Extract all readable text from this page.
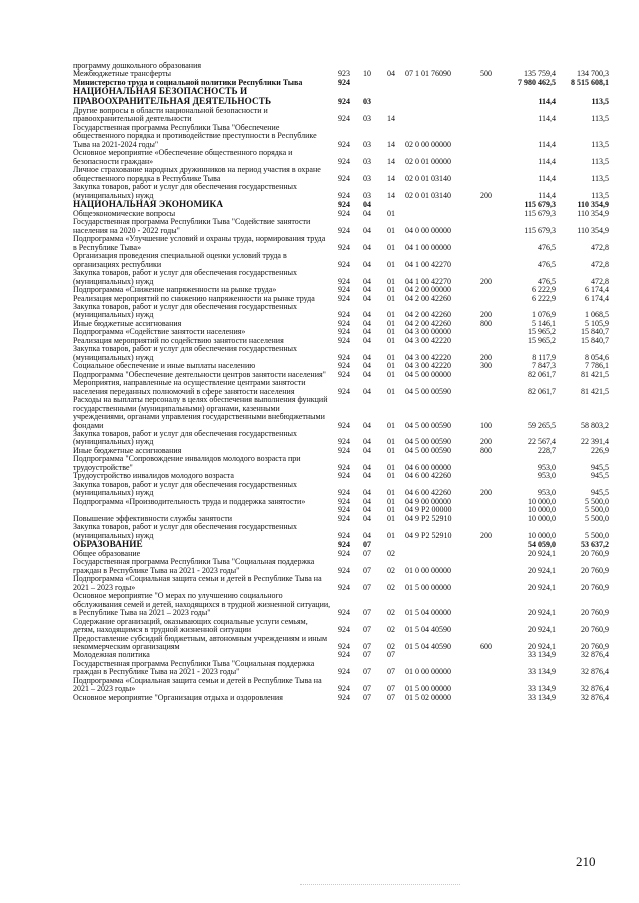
программу дошкольного образования							
Межбюджетные трансферты	923	10	04	07 1 01 76090	500	135 759,4	134 700,3
Министерство труда и социальной политики Республики Тыва	924					7 980 462,5	8 515 608,1
НАЦИОНАЛЬНАЯ БЕЗОПАСНОСТЬ И ПРАВООХРАНИТЕЛЬНАЯ ДЕЯТЕЛЬНОСТЬ	924	03				114,4	113,5
Другие вопросы в области национальной безопасности и правоохранительной деятельности	924	03	14			114,4	113,5
Государственная программа Республики Тыва "Обеспечение общественного порядка и противодействие преступности в Республике Тыва на 2021-2024 годы"	924	03	14	02 0 00 00000		114,4	113,5
Основное мероприятие «Обеспечение общественного порядка и безопасности граждан»	924	03	14	02 0 01 00000		114,4	113,5
Личное страхование народных дружинников на период участия в охране общественного порядка в Республике Тыва	924	03	14	02 0 01 03140		114,4	113,5
Закупка товаров, работ и услуг для обеспечения государственных (муниципальных) нужд	924	03	14	02 0 01 03140	200	114,4	113,5
НАЦИОНАЛЬНАЯ ЭКОНОМИКА	924	04				115 679,3	110 354,9
Общеэкономические вопросы	924	04	01			115 679,3	110 354,9
Государственная программа Республики Тыва "Содействие занятости населения на 2020 - 2022 годы"	924	04	01	04 0 00 00000		115 679,3	110 354,9
Подпрограмма «Улучшение условий и охраны труда, нормирования труда в Республике Тыва»	924	04	01	04 1 00 00000		476,5	472,8
Организация проведения специальной оценки условий труда в организациях республики	924	04	01	04 1 00 42270		476,5	472,8
Закупка товаров, работ и услуг для обеспечения государственных (муниципальных) нужд	924	04	01	04 1 00 42270	200	476,5	472,8
Подпрограмма «Снижение напряженности на рынке труда»	924	04	01	04 2 00 00000		6 222,9	6 174,4
Реализация мероприятий по снижению напряженности на рынке труда	924	04	01	04 2 00 42260		6 222,9	6 174,4
Закупка товаров, работ и услуг для обеспечения государственных (муниципальных) нужд	924	04	01	04 2 00 42260	200	1 076,9	1 068,5
Иные бюджетные ассигнования	924	04	01	04 2 00 42260	800	5 146,1	5 105,9
Подпрограмма «Содействие занятости населения»	924	04	01	04 3 00 00000		15 965,2	15 840,7
Реализация мероприятий по содействию занятости населения	924	04	01	04 3 00 42220		15 965,2	15 840,7
Закупка товаров, работ и услуг для обеспечения государственных (муниципальных) нужд	924	04	01	04 3 00 42220	200	8 117,9	8 054,6
Социальное обеспечение и иные выплаты населению	924	04	01	04 3 00 42220	300	7 847,3	7 786,1
Подпрограмма "Обеспечение деятельности центров занятости населения"	924	04	01	04 5 00 00000		82 061,7	81 421,5
Мероприятия, направленные на осуществление центрами занятости населения переданных полномочий в сфере занятости населения	924	04	01	04 5 00 00590		82 061,7	81 421,5
Расходы на выплаты персоналу в целях обеспечения выполнения функций государственными (муниципальными) органами, казенными учреждениями, органами управления государственными внебюджетными фондами	924	04	01	04 5 00 00590	100	59 265,5	58 803,2
Закупка товаров, работ и услуг для обеспечения государственных (муниципальных) нужд	924	04	01	04 5 00 00590	200	22 567,4	22 391,4
Иные бюджетные ассигнования	924	04	01	04 5 00 00590	800	228,7	226,9
Подпрограмма "Сопровождение инвалидов молодого возраста при трудоустройстве"	924	04	01	04 6 00 00000		953,0	945,5
Трудоустройство инвалидов молодого возраста	924	04	01	04 6 00 42260		953,0	945,5
Закупка товаров, работ и услуг для обеспечения государственных (муниципальных) нужд	924	04	01	04 6 00 42260	200	953,0	945,5
Подпрограмма «Производительность труда и поддержка занятости»	924	04	01	04 9 00 00000		10 000,0	5 500,0
	924	04	01	04 9 P2 00000		10 000,0	5 500,0
Повышение эффективности службы занятости	924	04	01	04 9 P2 52910		10 000,0	5 500,0
Закупка товаров, работ и услуг для обеспечения государственных (муниципальных) нужд	924	04	01	04 9 P2 52910	200	10 000,0	5 500,0
ОБРАЗОВАНИЕ	924	07				54 059,0	53 637,2
Общее образование	924	07	02			20 924,1	20 760,9
Государственная программа Республики Тыва "Социальная поддержка граждан в Республике Тыва на 2021 - 2023 годы"	924	07	02	01 0 00 00000		20 924,1	20 760,9
Подпрограмма «Социальная защита семьи и детей в Республике Тыва на 2021 – 2023 годы»	924	07	02	01 5 00 00000		20 924,1	20 760,9
Основное мероприятие "О мерах по улучшению социального обслуживания семей и детей, находящихся в трудной жизненной ситуации, в Республике Тыва на 2021 – 2023 годы"	924	07	02	01 5 04 00000		20 924,1	20 760,9
Содержание организаций, оказывающих социальные услуги семьям, детям, находящимся в трудной жизненной ситуации	924	07	02	01 5 04 40590		20 924,1	20 760,9
Предоставление субсидий бюджетным, автономным учреждениям и иным некоммерческим организациям	924	07	02	01 5 04 40590	600	20 924,1	20 760,9
Молодежная политика	924	07	07			33 134,9	32 876,4
Государственная программа Республики Тыва "Социальная поддержка граждан в Республике Тыва на 2021 - 2023 годы"	924	07	07	01 0 00 00000		33 134,9	32 876,4
Подпрограмма «Социальная защита семьи и детей в Республике Тыва на 2021 – 2023 годы»	924	07	07	01 5 00 00000		33 134,9	32 876,4
Основное мероприятие "Организация отдыха и оздоровления	924	07	07	01 5 02 00000		33 134,9	32 876,4
210
